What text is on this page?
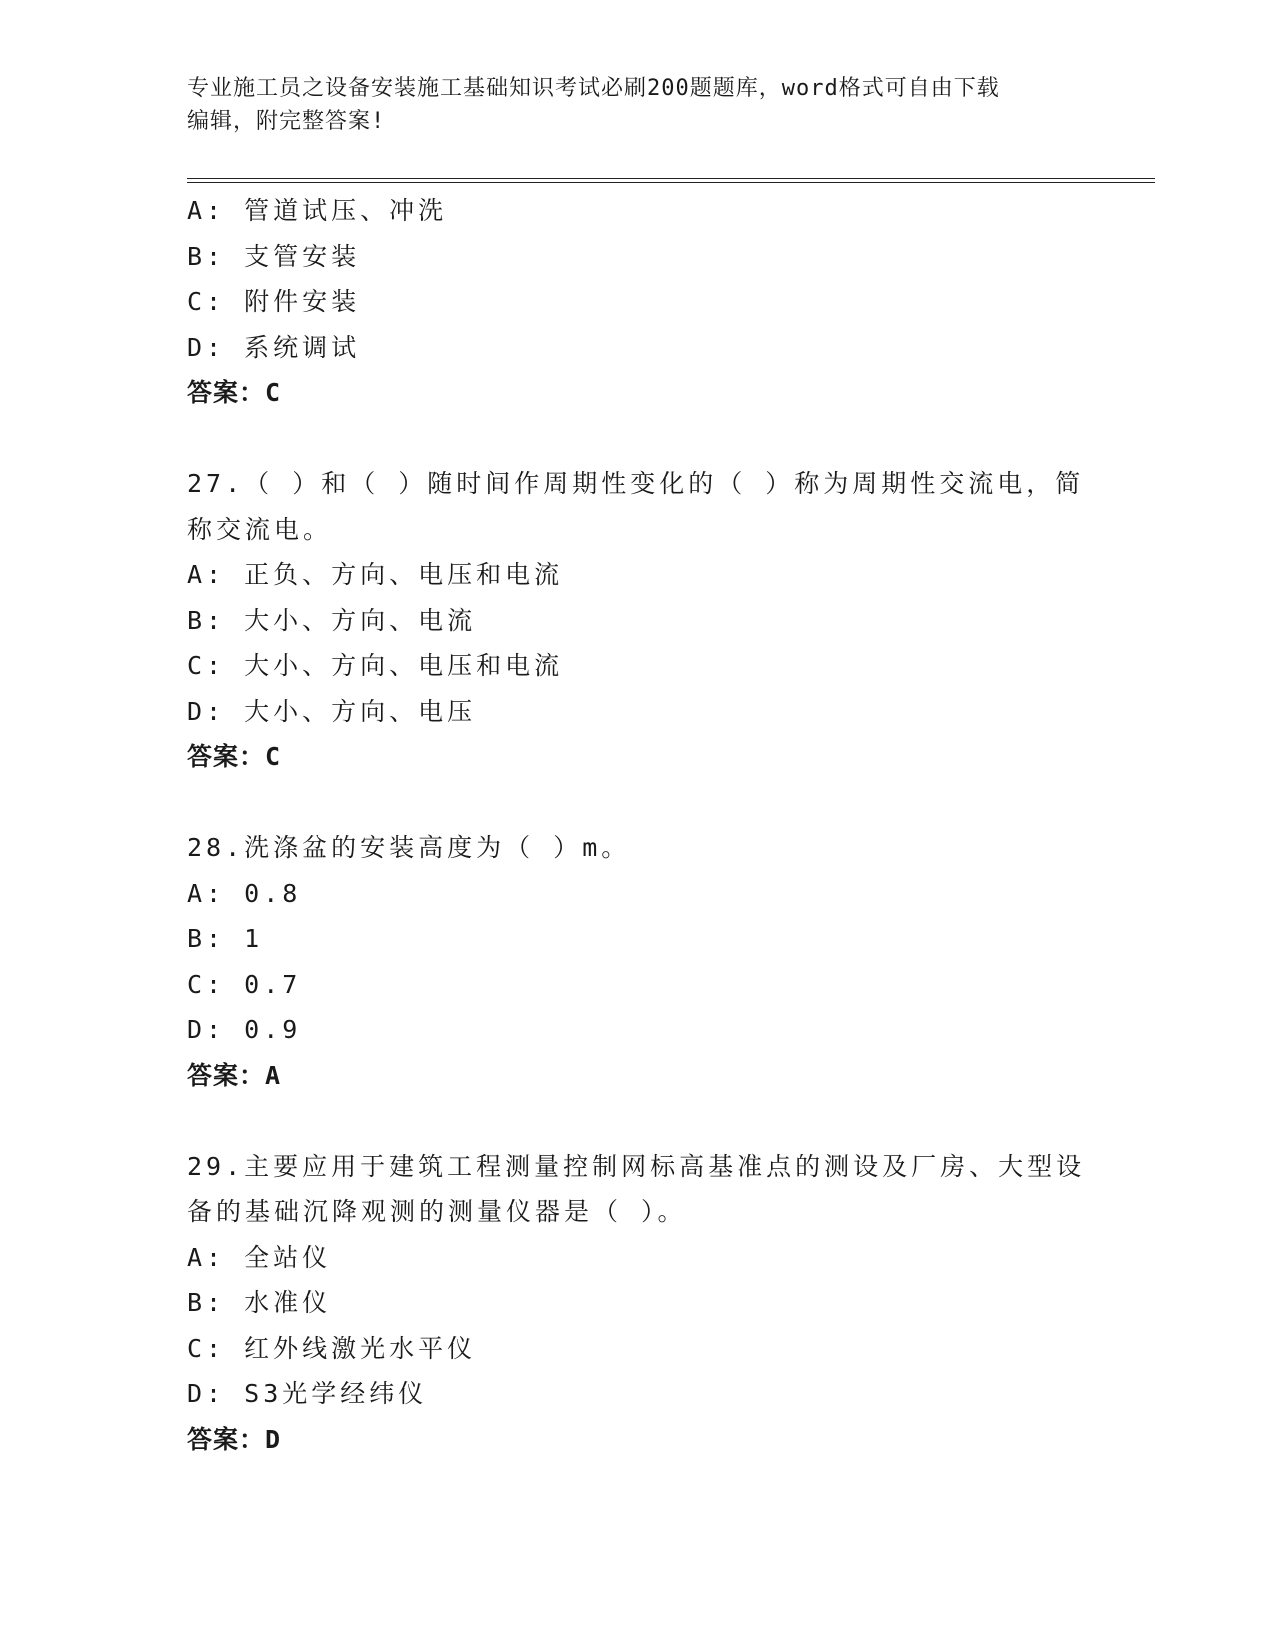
专业施工员之设备安装施工基础知识考试必刷200题题库，word格式可自由下载
编辑，附完整答案!
A: 管道试压、冲洗
B: 支管安装
C: 附件安装
D: 系统调试
答案：C
27.（ ）和（ ）随时间作周期性变化的（ ）称为周期性交流电，简
称交流电。
A: 正负、方向、电压和电流
B: 大小、方向、电流
C: 大小、方向、电压和电流
D: 大小、方向、电压
答案：C
28.洗涤盆的安装高度为（ ）m。
A: 0.8
B: 1
C: 0.7
D: 0.9
答案：A
29.主要应用于建筑工程测量控制网标高基准点的测设及厂房、大型设
备的基础沉降观测的测量仪器是（ ）。
A: 全站仪
B: 水准仪
C: 红外线激光水平仪
D: S3光学经纬仪
答案：D
